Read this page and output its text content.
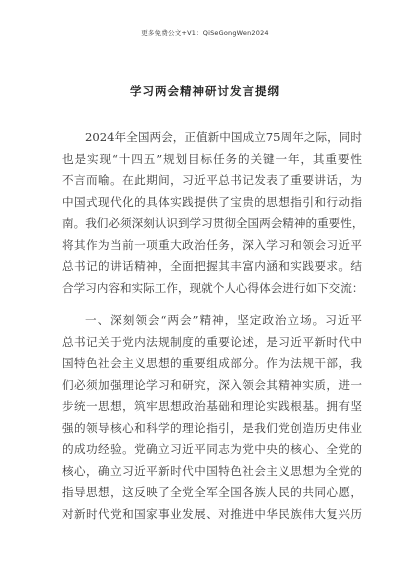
更多免费公文+V1：QiSeGongWen2024
学习两会精神研讨发言提纲
2024年全国两会，正值新中国成立75周年之际，同时
也是实现“十四五”规划目标任务的关键一年，其重要性
不言而喻。在此期间，习近平总书记发表了重要讲话，为
中国式现代化的具体实践提供了宝贵的思想指引和行动指
南。我们必须深刻认识到学习贯彻全国两会精神的重要性，
将其作为当前一项重大政治任务，深入学习和领会习近平
总书记的讲话精神，全面把握其丰富内涵和实践要求。结
合学习内容和实际工作，现就个人心得体会进行如下交流：
一、深刻领会“两会”精神，坚定政治立场。习近平
总书记关于党内法规制度的重要论述，是习近平新时代中
国特色社会主义思想的重要组成部分。作为法规干部，我
们必须加强理论学习和研究，深入领会其精神实质，进一
步统一思想，筑牢思想政治基础和理论实践根基。拥有坚
强的领导核心和科学的理论指引，是我们党创造历史伟业
的成功经验。党确立习近平同志为党中央的核心、全党的
核心，确立习近平新时代中国特色社会主义思想为全党的
指导思想，这反映了全党全军全国各族人民的共同心愿，
对新时代党和国家事业发展、对推进中华民族伟大复兴历
